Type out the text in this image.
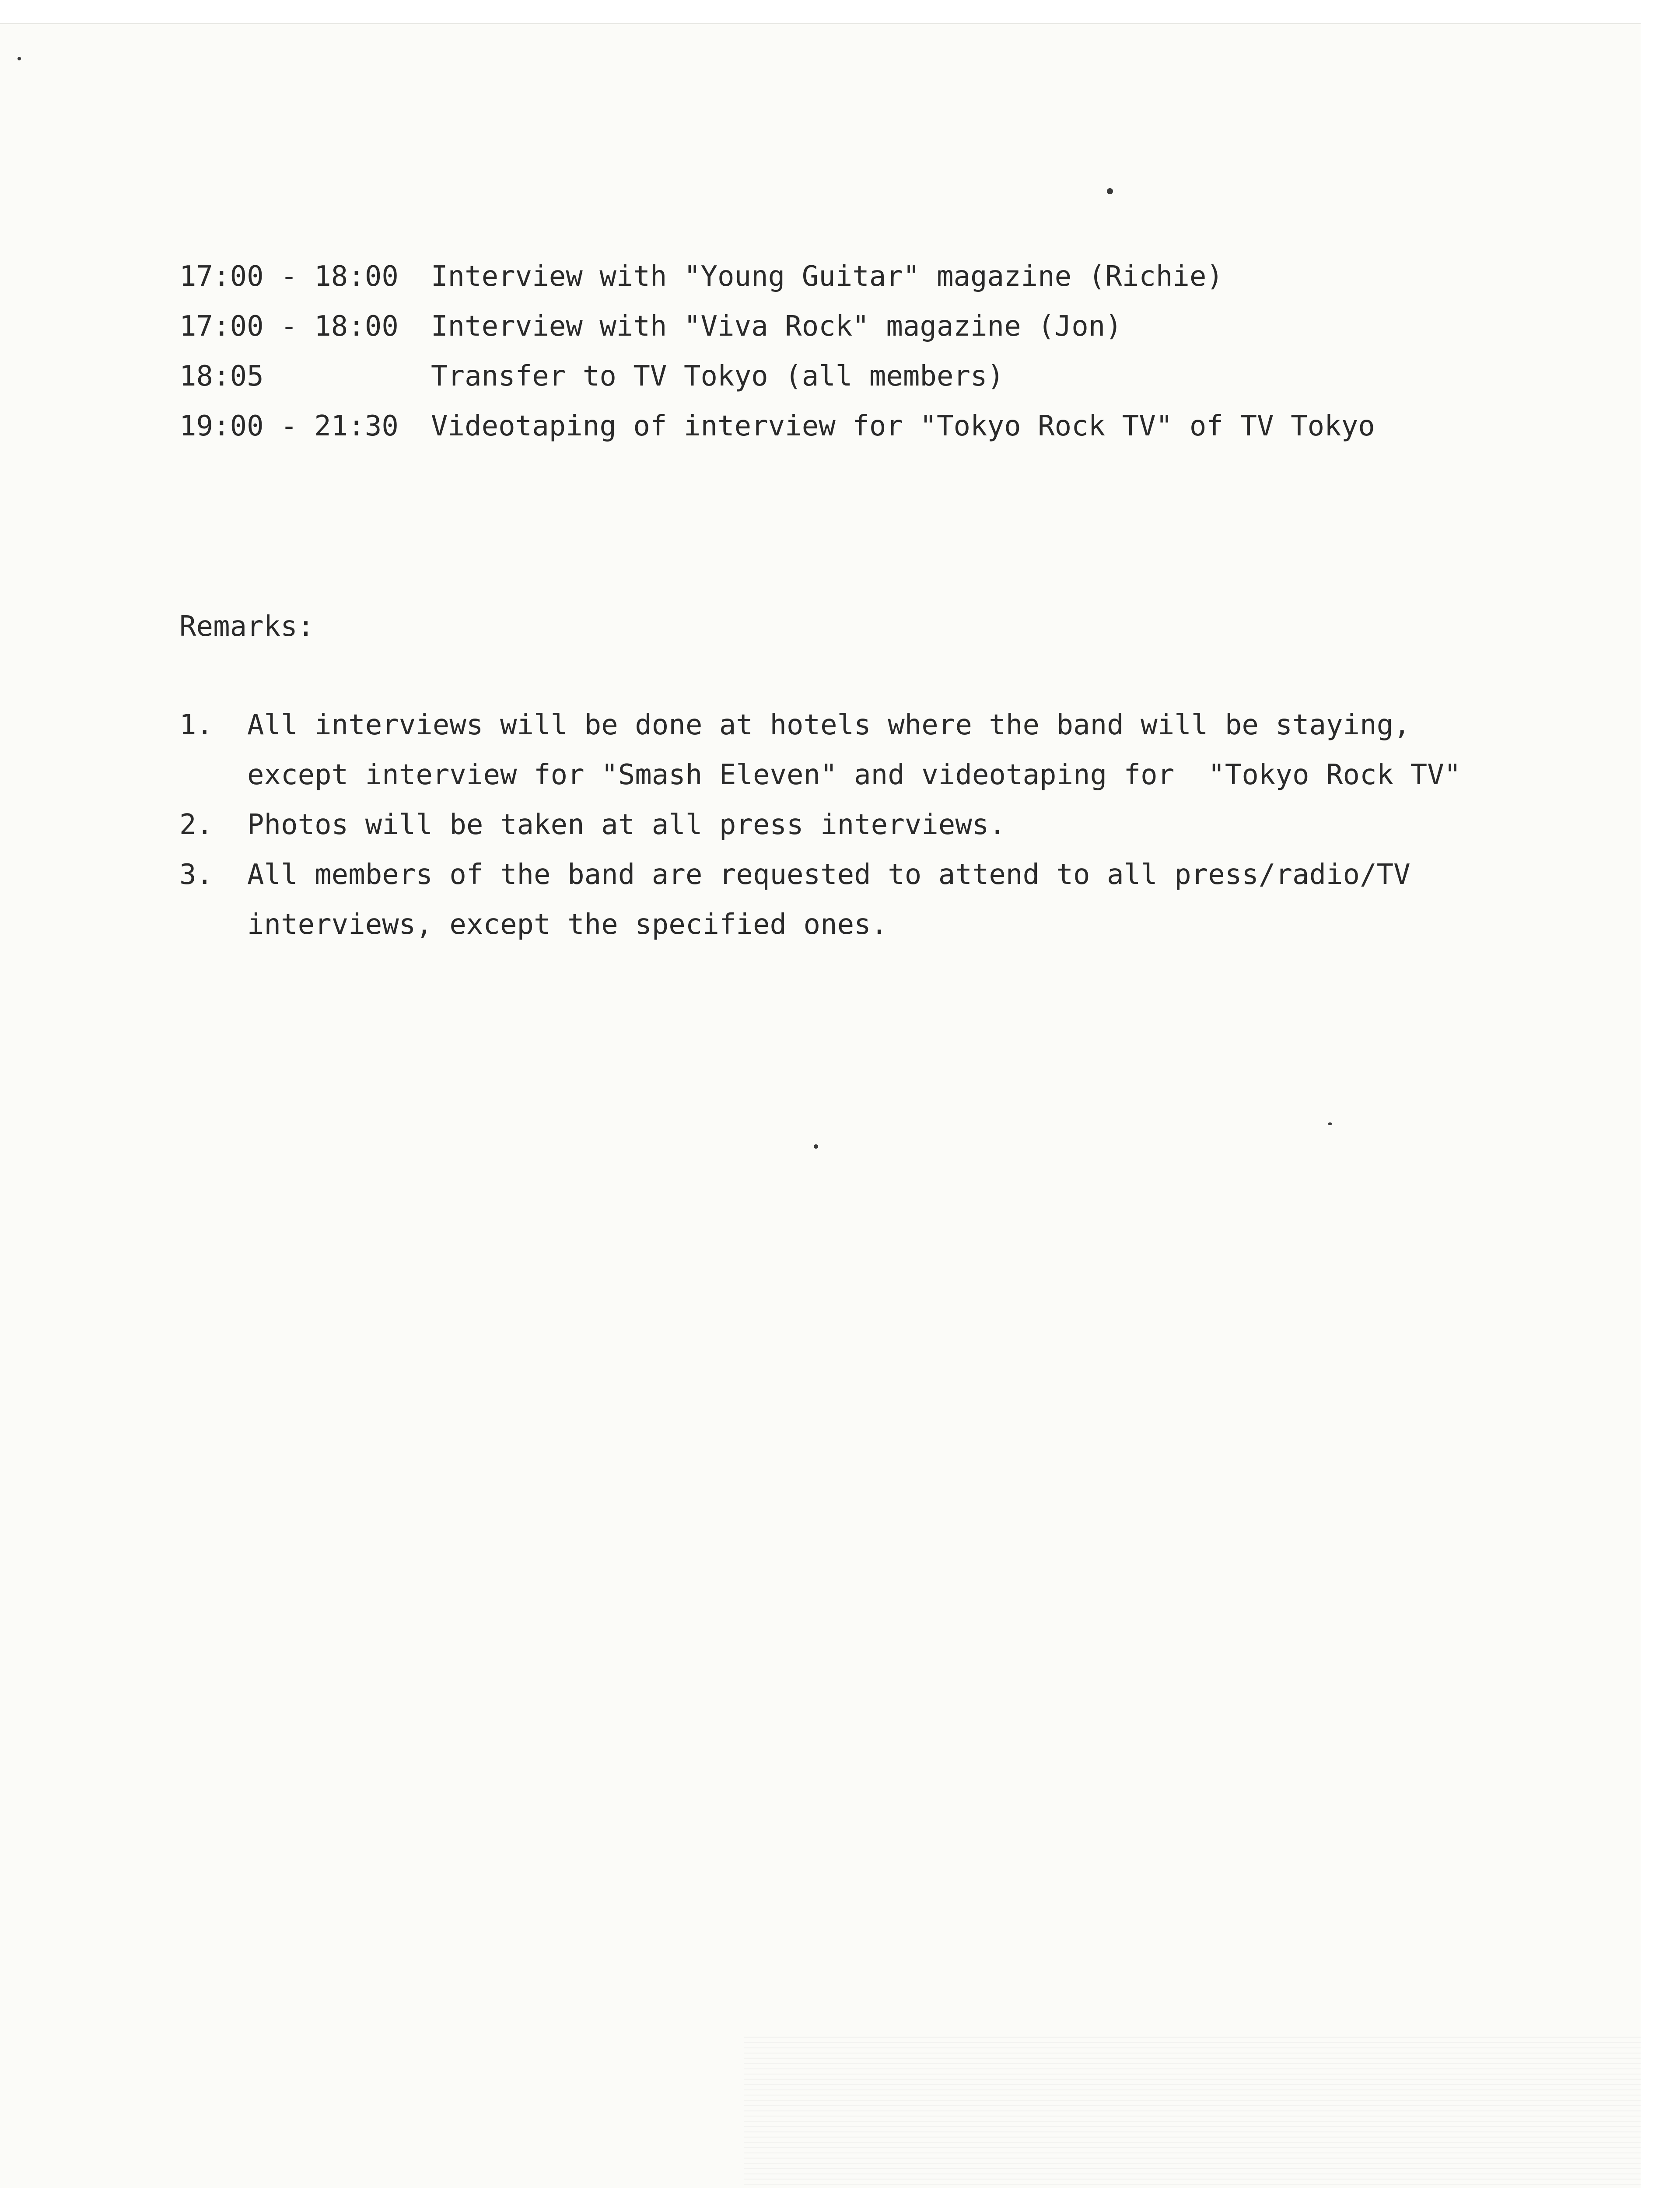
17:00 - 18:00	Interview with "Young Guitar" magazine (Richie)
17:00 - 18:00	Interview with "Viva Rock" magazine (Jon)
18:05	Transfer to TV Tokyo (all members)
19:00 - 21:30	Videotaping of interview for "Tokyo Rock TV" of TV Tokyo
Remarks:
1.	All interviews will be done at hotels where the band will be staying,
except interview for "Smash Eleven" and videotaping for  "Tokyo Rock TV"
2.	Photos will be taken at all press interviews.
3.	All members of the band are requested to attend to all press/radio/TV
interviews, except the specified ones.
